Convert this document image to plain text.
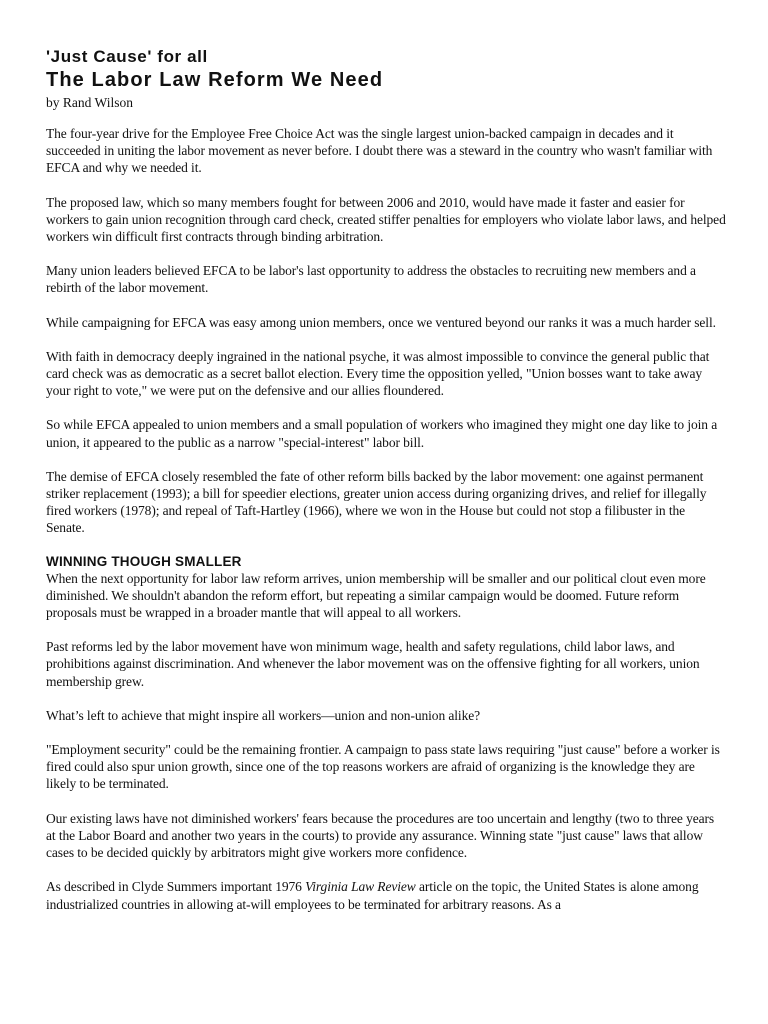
'Just Cause' for all
The Labor Law Reform We Need
by Rand Wilson

The four-year drive for the Employee Free Choice Act was the single largest union-backed campaign in decades and it succeeded in uniting the labor movement as never before. I doubt there was a steward in the country who wasn't familiar with EFCA and why we needed it.

The proposed law, which so many members fought for between 2006 and 2010, would have made it faster and easier for workers to gain union recognition through card check, created stiffer penalties for employers who violate labor laws, and helped workers win difficult first contracts through binding arbitration.

Many union leaders believed EFCA to be labor's last opportunity to address the obstacles to recruiting new members and a rebirth of the labor movement.

While campaigning for EFCA was easy among union members, once we ventured beyond our ranks it was a much harder sell.

With faith in democracy deeply ingrained in the national psyche, it was almost impossible to convince the general public that card check was as democratic as a secret ballot election. Every time the opposition yelled, "Union bosses want to take away your right to vote," we were put on the defensive and our allies floundered.

So while EFCA appealed to union members and a small population of workers who imagined they might one day like to join a union, it appeared to the public as a narrow "special-interest" labor bill.

The demise of EFCA closely resembled the fate of other reform bills backed by the labor movement: one against permanent striker replacement (1993); a bill for speedier elections, greater union access during organizing drives, and relief for illegally fired workers (1978); and repeal of Taft-Hartley (1966), where we won in the House but could not stop a filibuster in the Senate.

WINNING THOUGH SMALLER

When the next opportunity for labor law reform arrives, union membership will be smaller and our political clout even more diminished. We shouldn't abandon the reform effort, but repeating a similar campaign would be doomed. Future reform proposals must be wrapped in a broader mantle that will appeal to all workers.

Past reforms led by the labor movement have won minimum wage, health and safety regulations, child labor laws, and prohibitions against discrimination. And whenever the labor movement was on the offensive fighting for all workers, union membership grew.

What’s left to achieve that might inspire all workers—union and non-union alike?

"Employment security" could be the remaining frontier. A campaign to pass state laws requiring "just cause" before a worker is fired could also spur union growth, since one of the top reasons workers are afraid of organizing is the knowledge they are likely to be terminated.

Our existing laws have not diminished workers' fears because the procedures are too uncertain and lengthy (two to three years at the Labor Board and another two years in the courts) to provide any assurance. Winning state "just cause" laws that allow cases to be decided quickly by arbitrators might give workers more confidence.

As described in Clyde Summers important 1976 Virginia Law Review article on the topic, the United States is alone among industrialized countries in allowing at-will employees to be terminated for arbitrary reasons. As a
